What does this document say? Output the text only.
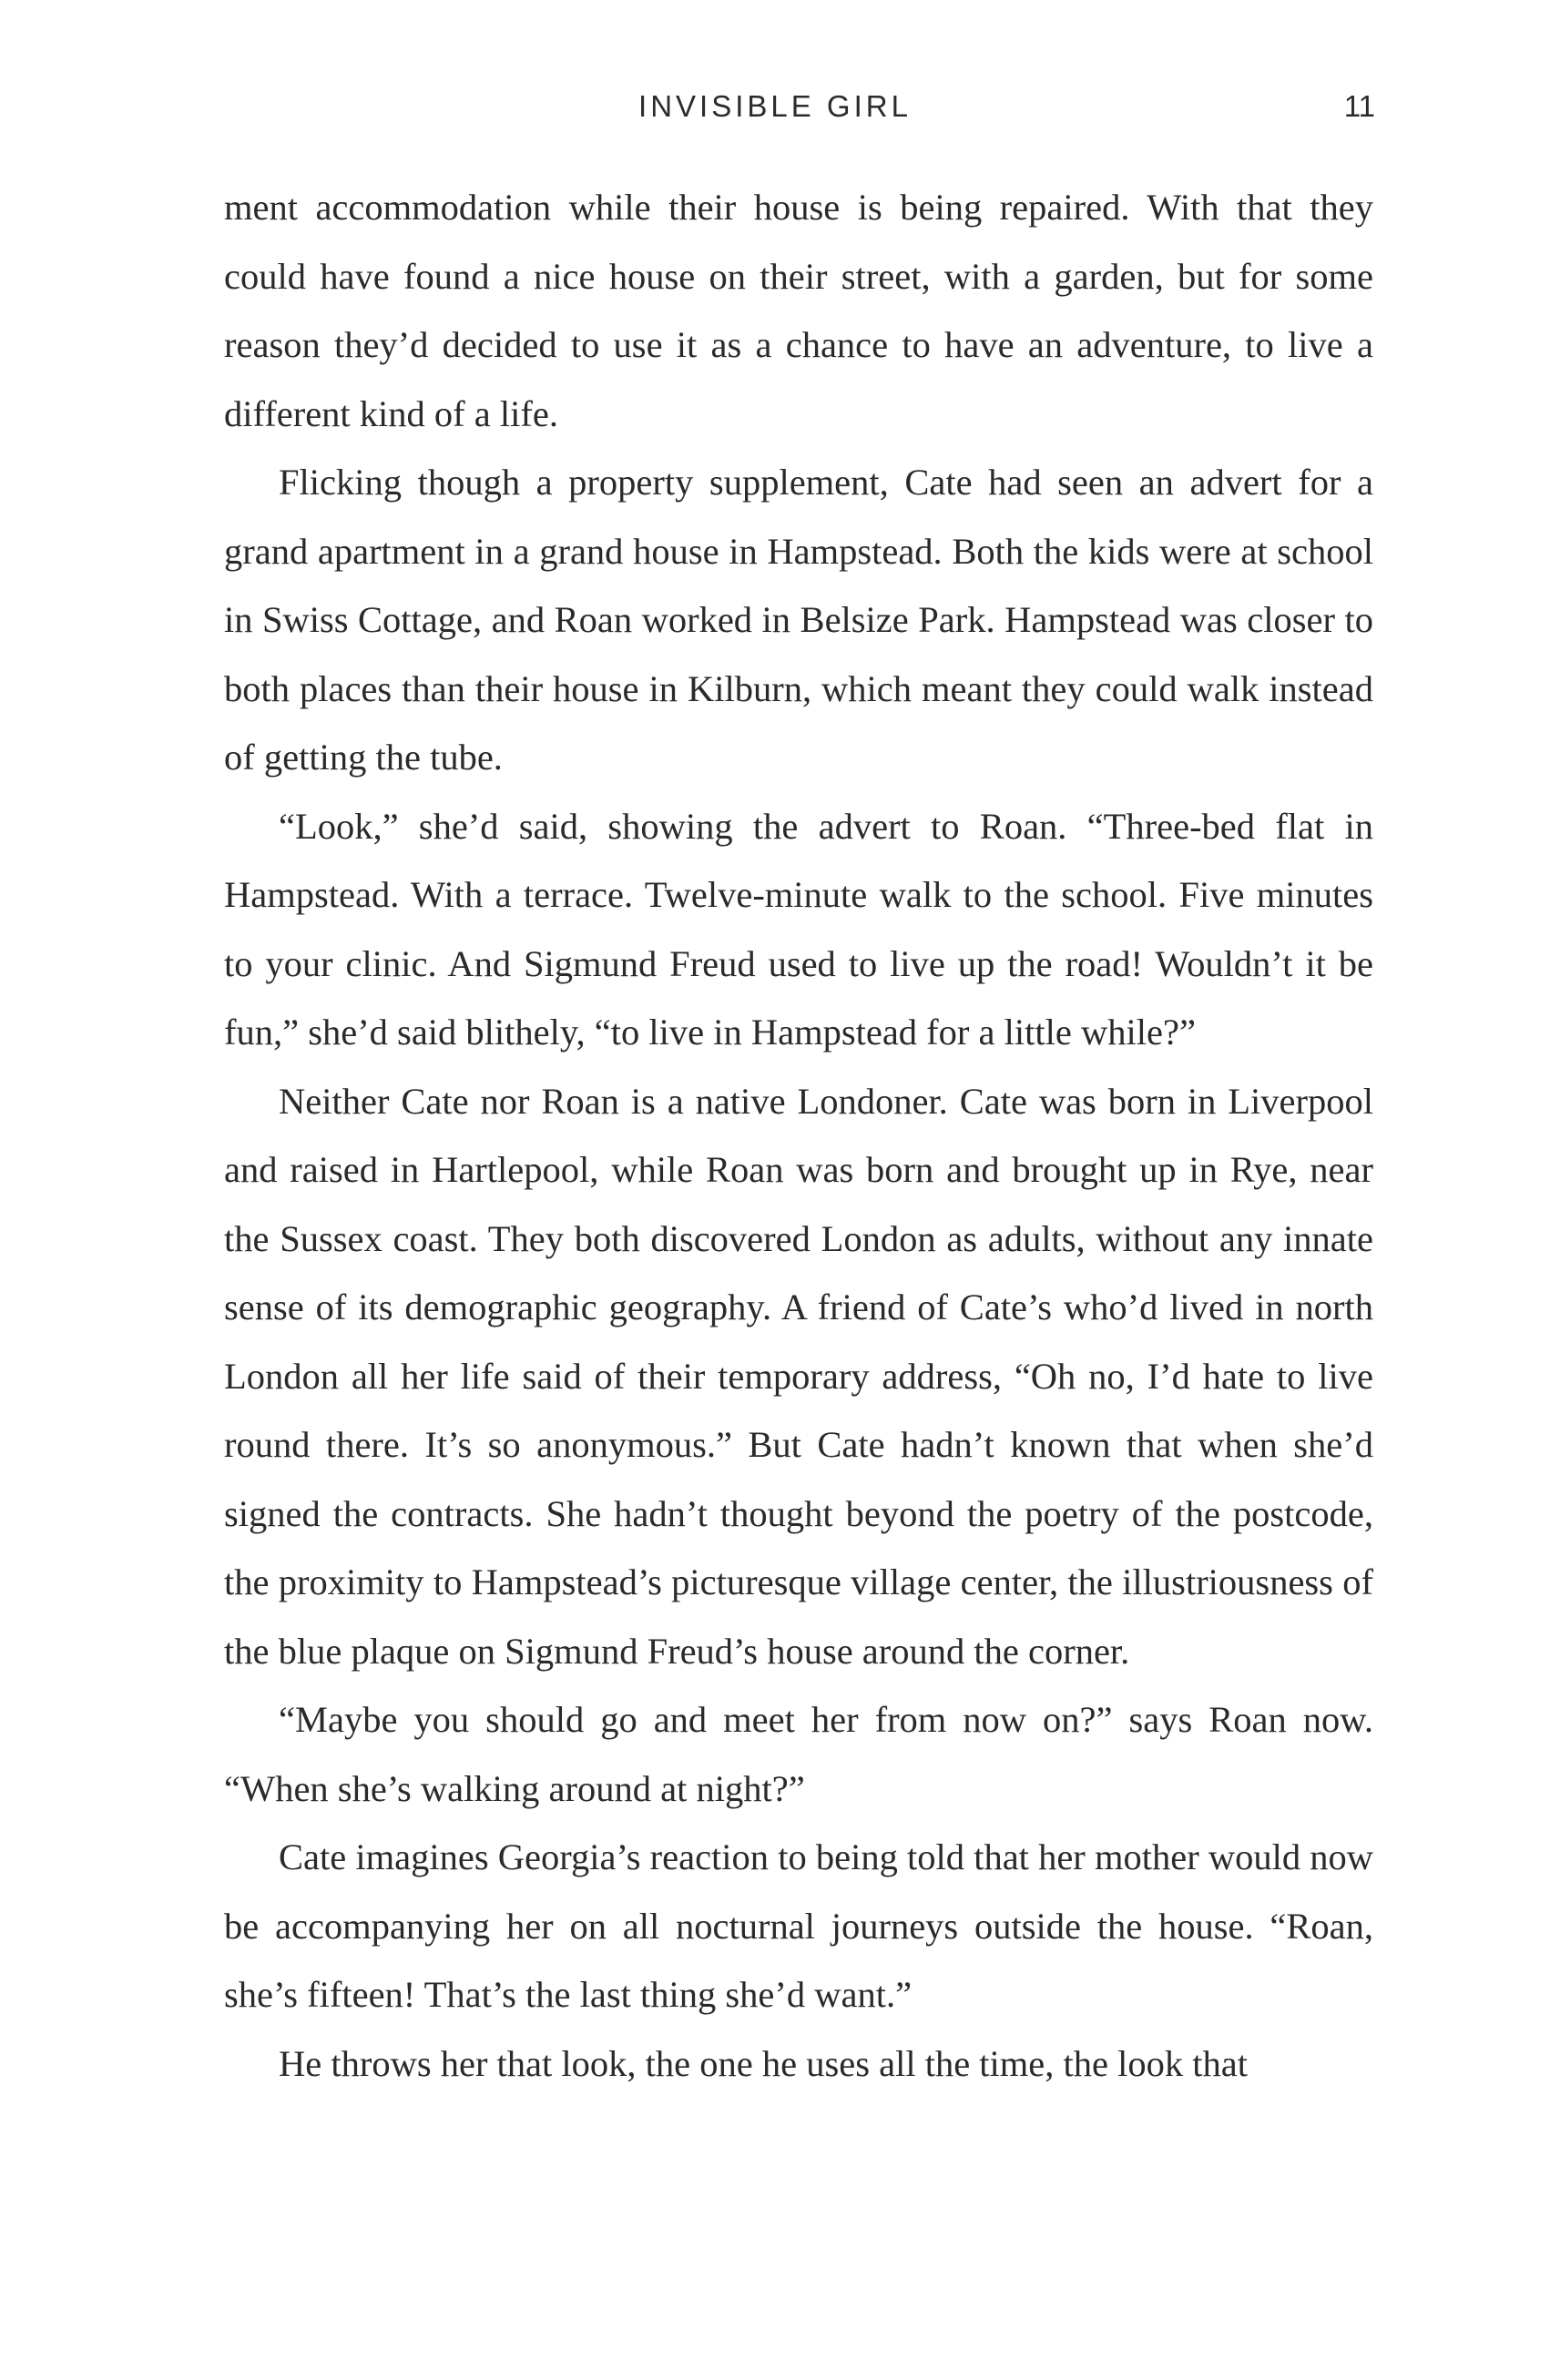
INVISIBLE GIRL	11

ment accommodation while their house is being repaired. With that they could have found a nice house on their street, with a garden, but for some reason they’d decided to use it as a chance to have an adventure, to live a different kind of a life.

Flicking though a property supplement, Cate had seen an advert for a grand apartment in a grand house in Hampstead. Both the kids were at school in Swiss Cottage, and Roan worked in Belsize Park. Hampstead was closer to both places than their house in Kilburn, which meant they could walk instead of getting the tube.

“Look,” she’d said, showing the advert to Roan. “Three-bed flat in Hampstead. With a terrace. Twelve-minute walk to the school. Five minutes to your clinic. And Sigmund Freud used to live up the road! Wouldn’t it be fun,” she’d said blithely, “to live in Hampstead for a little while?”

Neither Cate nor Roan is a native Londoner. Cate was born in Liverpool and raised in Hartlepool, while Roan was born and brought up in Rye, near the Sussex coast. They both discovered London as adults, without any innate sense of its demographic geography. A friend of Cate’s who’d lived in north London all her life said of their temporary address, “Oh no, I’d hate to live round there. It’s so anonymous.” But Cate hadn’t known that when she’d signed the contracts. She hadn’t thought beyond the poetry of the postcode, the proximity to Hampstead’s picturesque village center, the illustriousness of the blue plaque on Sigmund Freud’s house around the corner.

“Maybe you should go and meet her from now on?” says Roan now. “When she’s walking around at night?”

Cate imagines Georgia’s reaction to being told that her mother would now be accompanying her on all nocturnal journeys outside the house. “Roan, she’s fifteen! That’s the last thing she’d want.”

He throws her that look, the one he uses all the time, the look that
